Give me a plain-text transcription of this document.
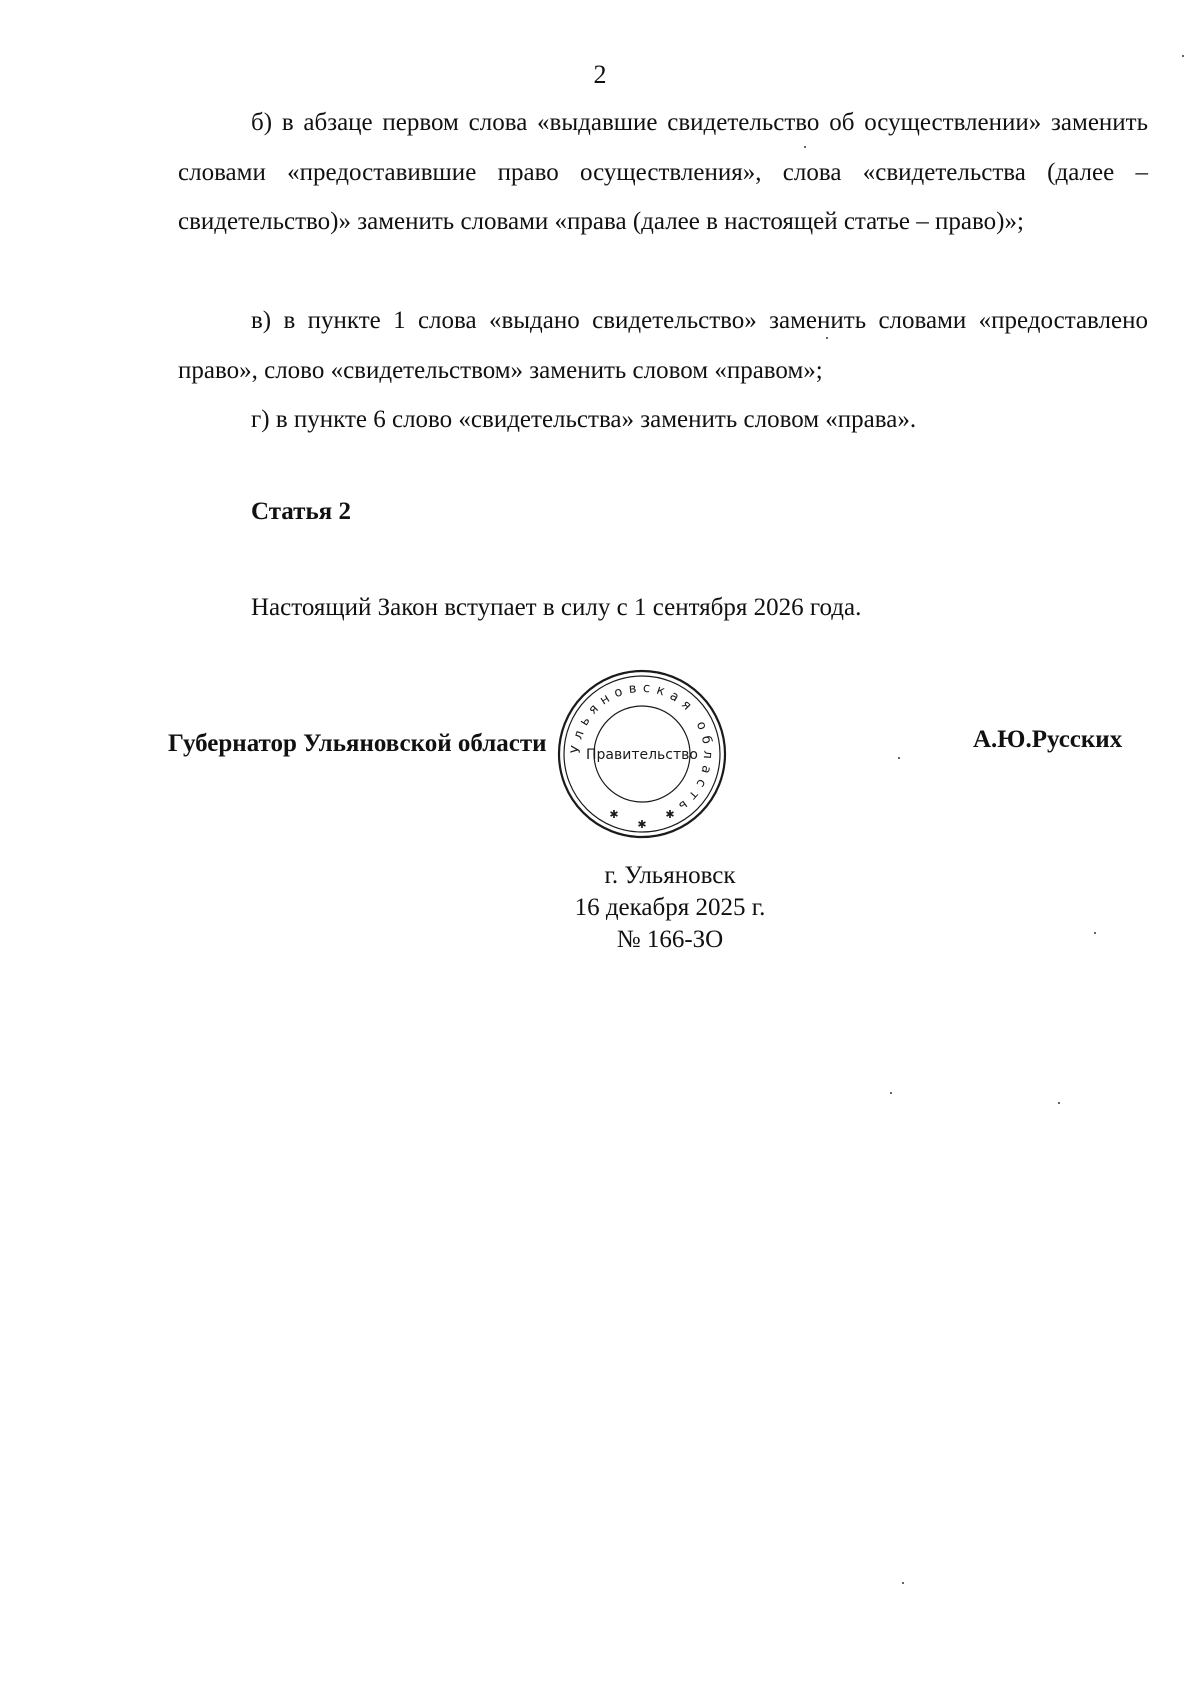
2

б) в абзаце первом слова «выдавшие свидетельство об осуществлении» заменить словами «предоставившие право осуществления», слова «свидетельства (далее – свидетельство)» заменить словами «права (далее в настоящей статье – право)»;

в) в пункте 1 слова «выдано свидетельство» заменить словами «предоставлено право», слово «свидетельством» заменить словом «правом»;

г) в пункте 6 слово «свидетельства» заменить словом «права».

Статья 2

Настоящий Закон вступает в силу с 1 сентября 2026 года.

Губернатор Ульяновской области	А.Ю.Русских

Ульяновская область
Правительство
✱
✱
✱
г. Ульяновск
16 декабря 2025 г.
№ 166-ЗО
